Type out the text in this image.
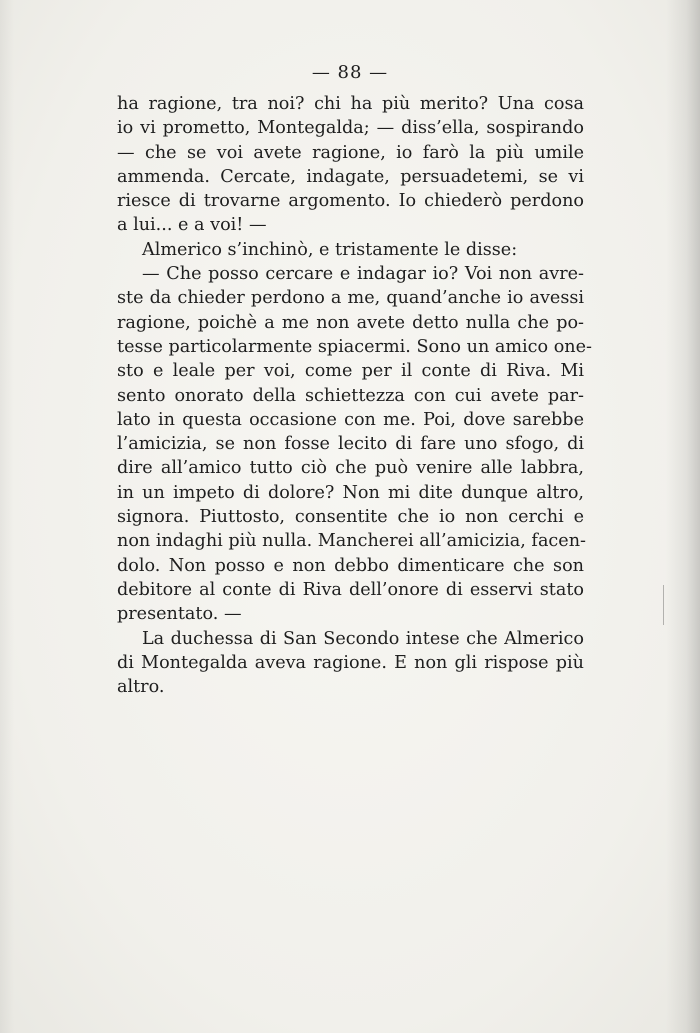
— 88 —
ha ragione, tra noi? chi ha più merito? Una cosa
io vi prometto, Montegalda; — diss’ella, sospirando
— che se voi avete ragione, io farò la più umile
ammenda. Cercate, indagate, persuadetemi, se vi
riesce di trovarne argomento. Io chiederò perdono
a lui... e a voi! —
Almerico s’inchinò, e tristamente le disse:
— Che posso cercare e indagar io? Voi non avre-
ste da chieder perdono a me, quand’anche io avessi
ragione, poichè a me non avete detto nulla che po-
tesse particolarmente spiacermi. Sono un amico one-
sto e leale per voi, come per il conte di Riva. Mi
sento onorato della schiettezza con cui avete par-
lato in questa occasione con me. Poi, dove sarebbe
l’amicizia, se non fosse lecito di fare uno sfogo, di
dire all’amico tutto ciò che può venire alle labbra,
in un impeto di dolore? Non mi dite dunque altro,
signora. Piuttosto, consentite che io non cerchi e
non indaghi più nulla. Mancherei all’amicizia, facen-
dolo. Non posso e non debbo dimenticare che son
debitore al conte di Riva dell’onore di esservi stato
presentato. —
La duchessa di San Secondo intese che Almerico
di Montegalda aveva ragione. E non gli rispose più
altro.
